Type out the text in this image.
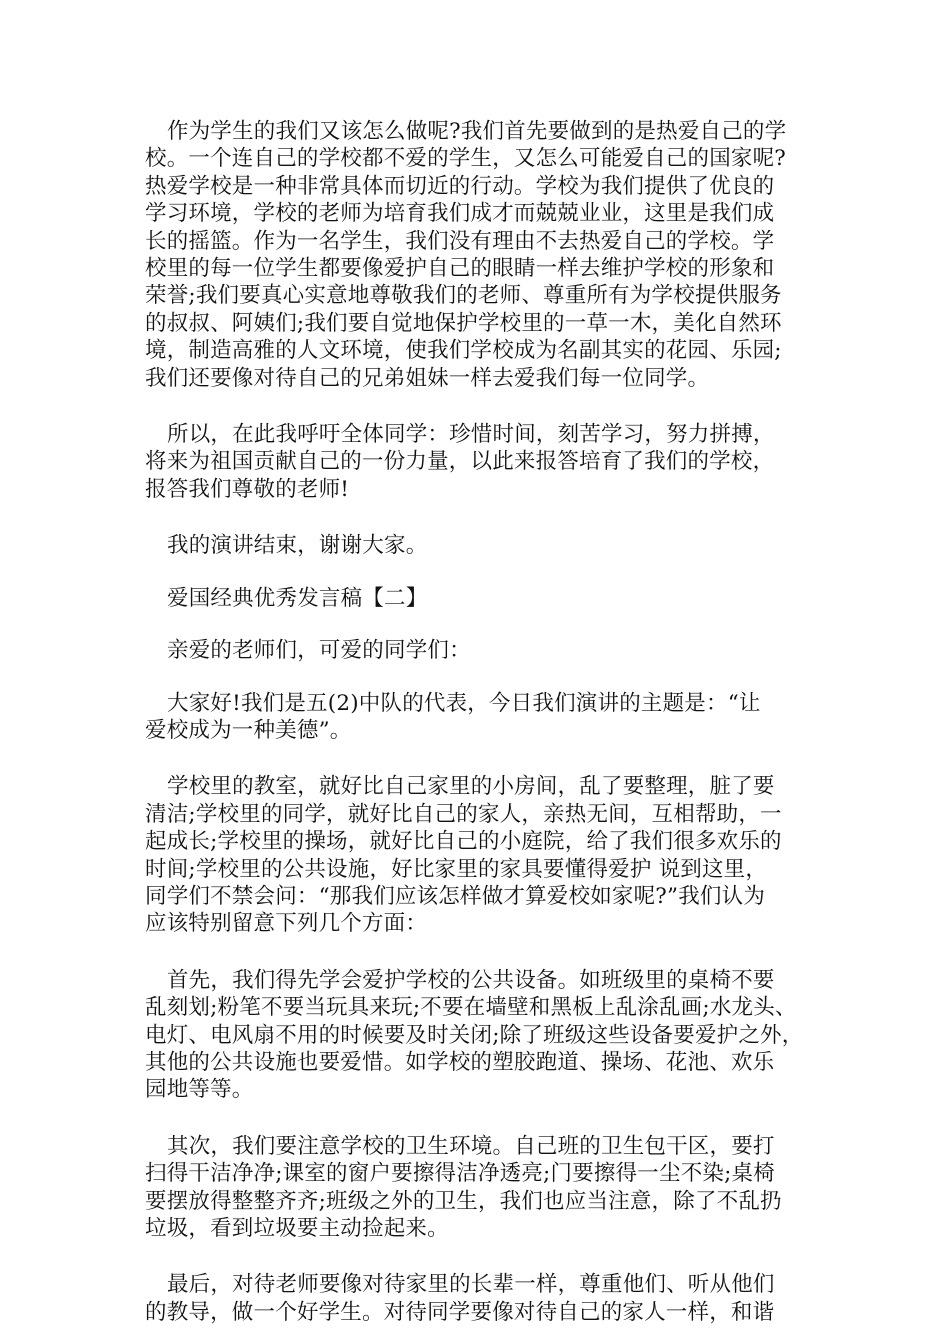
作为学生的我们又该怎么做呢?我们首先要做到的是热爱自己的学
校。一个连自己的学校都不爱的学生，又怎么可能爱自己的国家呢?
热爱学校是一种非常具体而切近的行动。学校为我们提供了优良的
学习环境，学校的老师为培育我们成才而兢兢业业，这里是我们成
长的摇篮。作为一名学生，我们没有理由不去热爱自己的学校。学
校里的每一位学生都要像爱护自己的眼睛一样去维护学校的形象和
荣誉;我们要真心实意地尊敬我们的老师、尊重所有为学校提供服务
的叔叔、阿姨们;我们要自觉地保护学校里的一草一木，美化自然环
境，制造高雅的人文环境，使我们学校成为名副其实的花园、乐园;
我们还要像对待自己的兄弟姐妹一样去爱我们每一位同学。

所以，在此我呼吁全体同学：珍惜时间，刻苦学习，努力拼搏，
将来为祖国贡献自己的一份力量，以此来报答培育了我们的学校，
报答我们尊敬的老师!

我的演讲结束，谢谢大家。

爱国经典优秀发言稿【二】

亲爱的老师们，可爱的同学们：

大家好!我们是五(2)中队的代表，今日我们演讲的主题是：“让
爱校成为一种美德”。

学校里的教室，就好比自己家里的小房间，乱了要整理，脏了要
清洁;学校里的同学，就好比自己的家人，亲热无间，互相帮助，一
起成长;学校里的操场，就好比自己的小庭院，给了我们很多欢乐的
时间;学校里的公共设施，好比家里的家具要懂得爱护 说到这里，
同学们不禁会问：“那我们应该怎样做才算爱校如家呢?”我们认为
应该特别留意下列几个方面：

首先，我们得先学会爱护学校的公共设备。如班级里的桌椅不要
乱刻划;粉笔不要当玩具来玩;不要在墙壁和黑板上乱涂乱画;水龙头、
电灯、电风扇不用的时候要及时关闭;除了班级这些设备要爱护之外，
其他的公共设施也要爱惜。如学校的塑胶跑道、操场、花池、欢乐
园地等等。

其次，我们要注意学校的卫生环境。自己班的卫生包干区，要打
扫得干洁净净;课室的窗户要擦得洁净透亮;门要擦得一尘不染;桌椅
要摆放得整整齐齐;班级之外的卫生，我们也应当注意，除了不乱扔
垃圾，看到垃圾要主动捡起来。

最后，对待老师要像对待家里的长辈一样，尊重他们、听从他们
的教导，做一个好学生。对待同学要像对待自己的家人一样，和谐
